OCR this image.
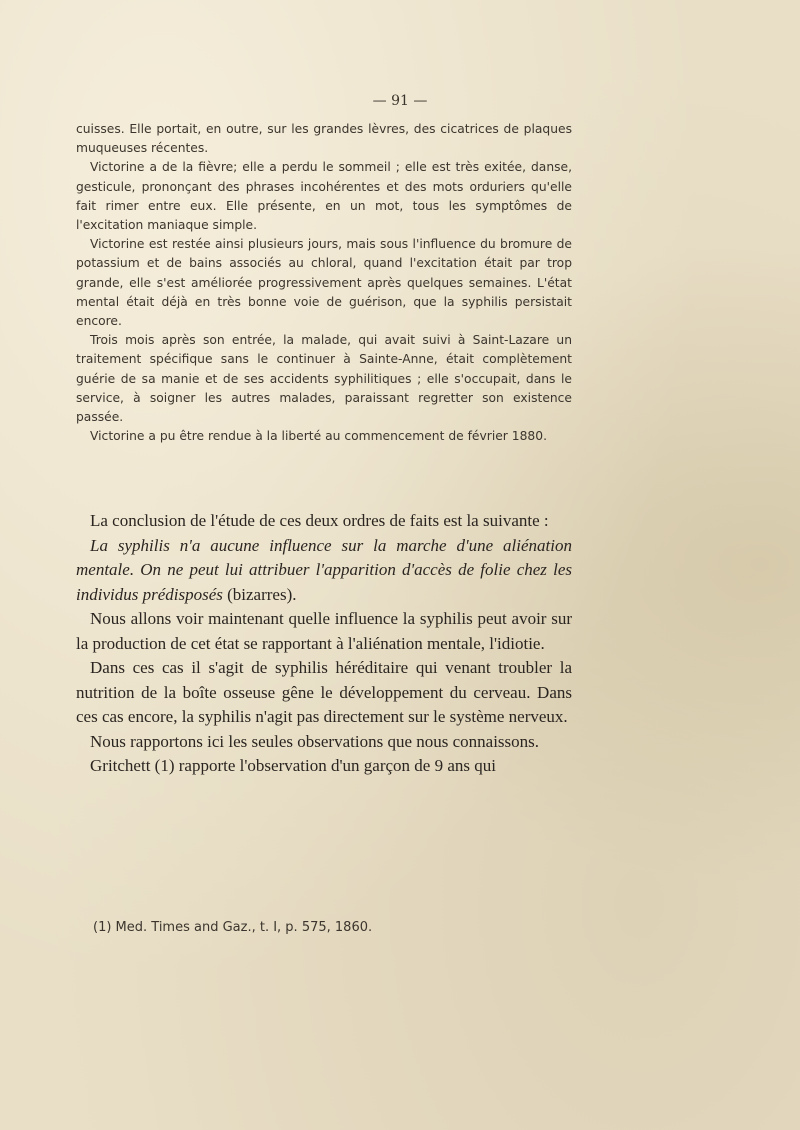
— 91 —

cuisses. Elle portait, en outre, sur les grandes lèvres, des cicatrices de plaques muqueuses récentes.

Victorine a de la fièvre; elle a perdu le sommeil ; elle est très exitée, danse, gesticule, prononçant des phrases incohérentes et des mots orduriers qu'elle fait rimer entre eux. Elle présente, en un mot, tous les symptômes de l'excitation maniaque simple.

Victorine est restée ainsi plusieurs jours, mais sous l'influence du bromure de potassium et de bains associés au chloral, quand l'excitation était par trop grande, elle s'est améliorée progressivement après quelques semaines. L'état mental était déjà en très bonne voie de guérison, que la syphilis persistait encore.

Trois mois après son entrée, la malade, qui avait suivi à Saint-Lazare un traitement spécifique sans le continuer à Sainte-Anne, était complètement guérie de sa manie et de ses accidents syphilitiques ; elle s'occupait, dans le service, à soigner les autres malades, paraissant regretter son existence passée.

Victorine a pu être rendue à la liberté au commencement de février 1880.

La conclusion de l'étude de ces deux ordres de faits est la suivante :

La syphilis n'a aucune influence sur la marche d'une aliénation mentale. On ne peut lui attribuer l'apparition d'accès de folie chez les individus prédisposés (bizarres).

Nous allons voir maintenant quelle influence la syphilis peut avoir sur la production de cet état se rapportant à l'aliénation mentale, l'idiotie.

Dans ces cas il s'agit de syphilis héréditaire qui venant troubler la nutrition de la boîte osseuse gêne le développement du cerveau. Dans ces cas encore, la syphilis n'agit pas directement sur le système nerveux.

Nous rapportons ici les seules observations que nous connaissons.

Gritchett (1) rapporte l'observation d'un garçon de 9 ans qui

(1) Med. Times and Gaz., t. I, p. 575, 1860.
